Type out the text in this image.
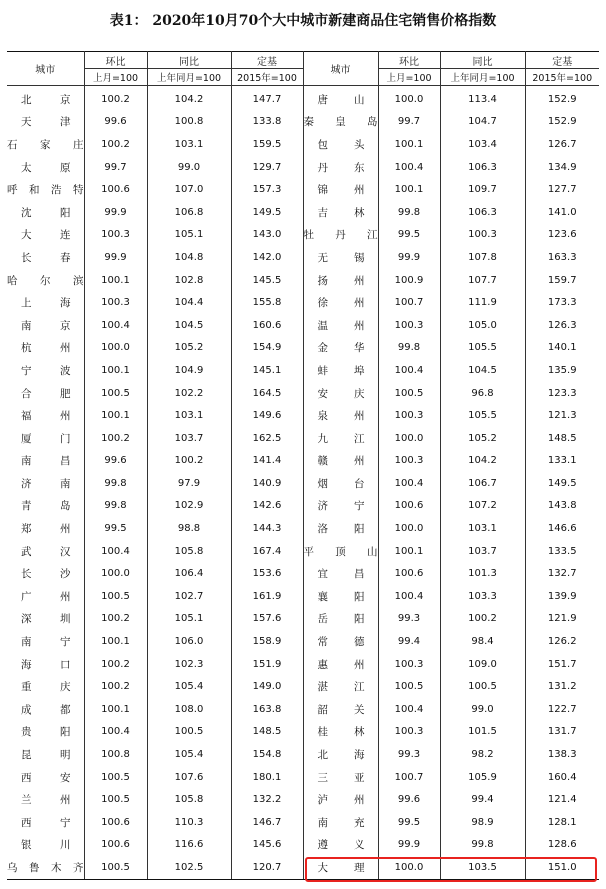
表1： 2020年10月70个大中城市新建商品住宅销售价格指数
城市	环比	同比	定基	城市	环比	同比	定基
	上月=100	上年同月=100	2015年=100		上月=100	上年同月=100	2015年=100
北京	100.2	104.2	147.7	唐山	100.0	113.4	152.9
天津	99.6	100.8	133.8	秦皇岛	99.7	104.7	152.9
石家庄	100.2	103.1	159.5	包头	100.1	103.4	126.7
太原	99.7	99.0	129.7	丹东	100.4	106.3	134.9
呼和浩特	100.6	107.0	157.3	锦州	100.1	109.7	127.7
沈阳	99.9	106.8	149.5	吉林	99.8	106.3	141.0
大连	100.3	105.1	143.0	牡丹江	99.5	100.3	123.6
长春	99.9	104.8	142.0	无锡	99.9	107.8	163.3
哈尔滨	100.1	102.8	145.5	扬州	100.9	107.7	159.7
上海	100.3	104.4	155.8	徐州	100.7	111.9	173.3
南京	100.4	104.5	160.6	温州	100.3	105.0	126.3
杭州	100.0	105.2	154.9	金华	99.8	105.5	140.1
宁波	100.1	104.9	145.1	蚌埠	100.4	104.5	135.9
合肥	100.5	102.2	164.5	安庆	100.5	96.8	123.3
福州	100.1	103.1	149.6	泉州	100.3	105.5	121.3
厦门	100.2	103.7	162.5	九江	100.0	105.2	148.5
南昌	99.6	100.2	141.4	赣州	100.3	104.2	133.1
济南	99.8	97.9	140.9	烟台	100.4	106.7	149.5
青岛	99.8	102.9	142.6	济宁	100.6	107.2	143.8
郑州	99.5	98.8	144.3	洛阳	100.0	103.1	146.6
武汉	100.4	105.8	167.4	平顶山	100.1	103.7	133.5
长沙	100.0	106.4	153.6	宜昌	100.6	101.3	132.7
广州	100.5	102.7	161.9	襄阳	100.4	103.3	139.9
深圳	100.2	105.1	157.6	岳阳	99.3	100.2	121.9
南宁	100.1	106.0	158.9	常德	99.4	98.4	126.2
海口	100.2	102.3	151.9	惠州	100.3	109.0	151.7
重庆	100.2	105.4	149.0	湛江	100.5	100.5	131.2
成都	100.1	108.0	163.8	韶关	100.4	99.0	122.7
贵阳	100.4	100.5	148.5	桂林	100.3	101.5	131.7
昆明	100.8	105.4	154.8	北海	99.3	98.2	138.3
西安	100.5	107.6	180.1	三亚	100.7	105.9	160.4
兰州	100.5	105.8	132.2	泸州	99.6	99.4	121.4
西宁	100.6	110.3	146.7	南充	99.5	98.9	128.1
银川	100.6	116.6	145.6	遵义	99.9	99.8	128.6
乌鲁木齐	100.5	102.5	120.7	大理	100.0	103.5	151.0
